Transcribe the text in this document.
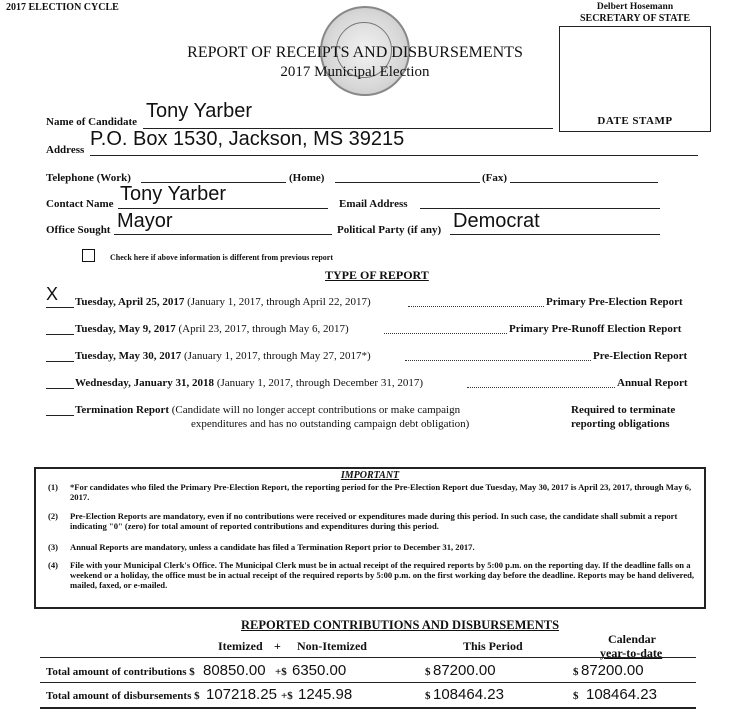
2017 ELECTION CYCLE	Delbert Hosemann
SECRETARY OF STATE
REPORT OF RECEIPTS AND DISBURSEMENTS
2017 Municipal Election
DATE STAMP
Name of Candidate Tony Yarber
Address P.O. Box 1530, Jackson, MS 39215
Telephone (Work)	(Home)	(Fax)
Contact Name Tony Yarber	Email Address
Office Sought Mayor	Political Party (if any) Democrat
Check here if above information is different from previous report
TYPE OF REPORT
X Tuesday, April 25, 2017 (January 1, 2017, through April 22, 2017)	Primary Pre-Election Report
Tuesday, May 9, 2017 (April 23, 2017, through May 6, 2017)	Primary Pre-Runoff Election Report
Tuesday, May 30, 2017 (January 1, 2017, through May 27, 2017*)	Pre-Election Report
Wednesday, January 31, 2018 (January 1, 2017, through December 31, 2017)	Annual Report
Termination Report (Candidate will no longer accept contributions or make campaign
expenditures and has no outstanding campaign debt obligation)
Required to terminate
reporting obligations
IMPORTANT
(1) *For candidates who filed the Primary Pre-Election Report, the reporting period for the Pre-Election Report due Tuesday, May 30, 2017 is April 23, 2017, through May 6, 2017.
(2) Pre-Election Reports are mandatory, even if no contributions were received or expenditures made during this period. In such case, the candidate shall submit a report indicating "0" (zero) for total amount of reported contributions and expenditures during this period.
(3) Annual Reports are mandatory, unless a candidate has filed a Termination Report prior to December 31, 2017.
(4) File with your Municipal Clerk's Office. The Municipal Clerk must be in actual receipt of the required reports by 5:00 p.m. on the reporting day. If the deadline falls on a weekend or a holiday, the office must be in actual receipt of the required reports by 5:00 p.m. on the first working day before the deadline. Reports may be hand delivered, mailed, faxed, or e-mailed.
REPORTED CONTRIBUTIONS AND DISBURSEMENTS
Itemized + Non-Itemized	This Period	Calendar
year-to-date
Total amount of contributions $ 80850.00 +$ 6350.00	$ 87200.00	$ 87200.00
Total amount of disbursements $ 107218.25 +$ 1245.98	$ 108464.23	$ 108464.23
